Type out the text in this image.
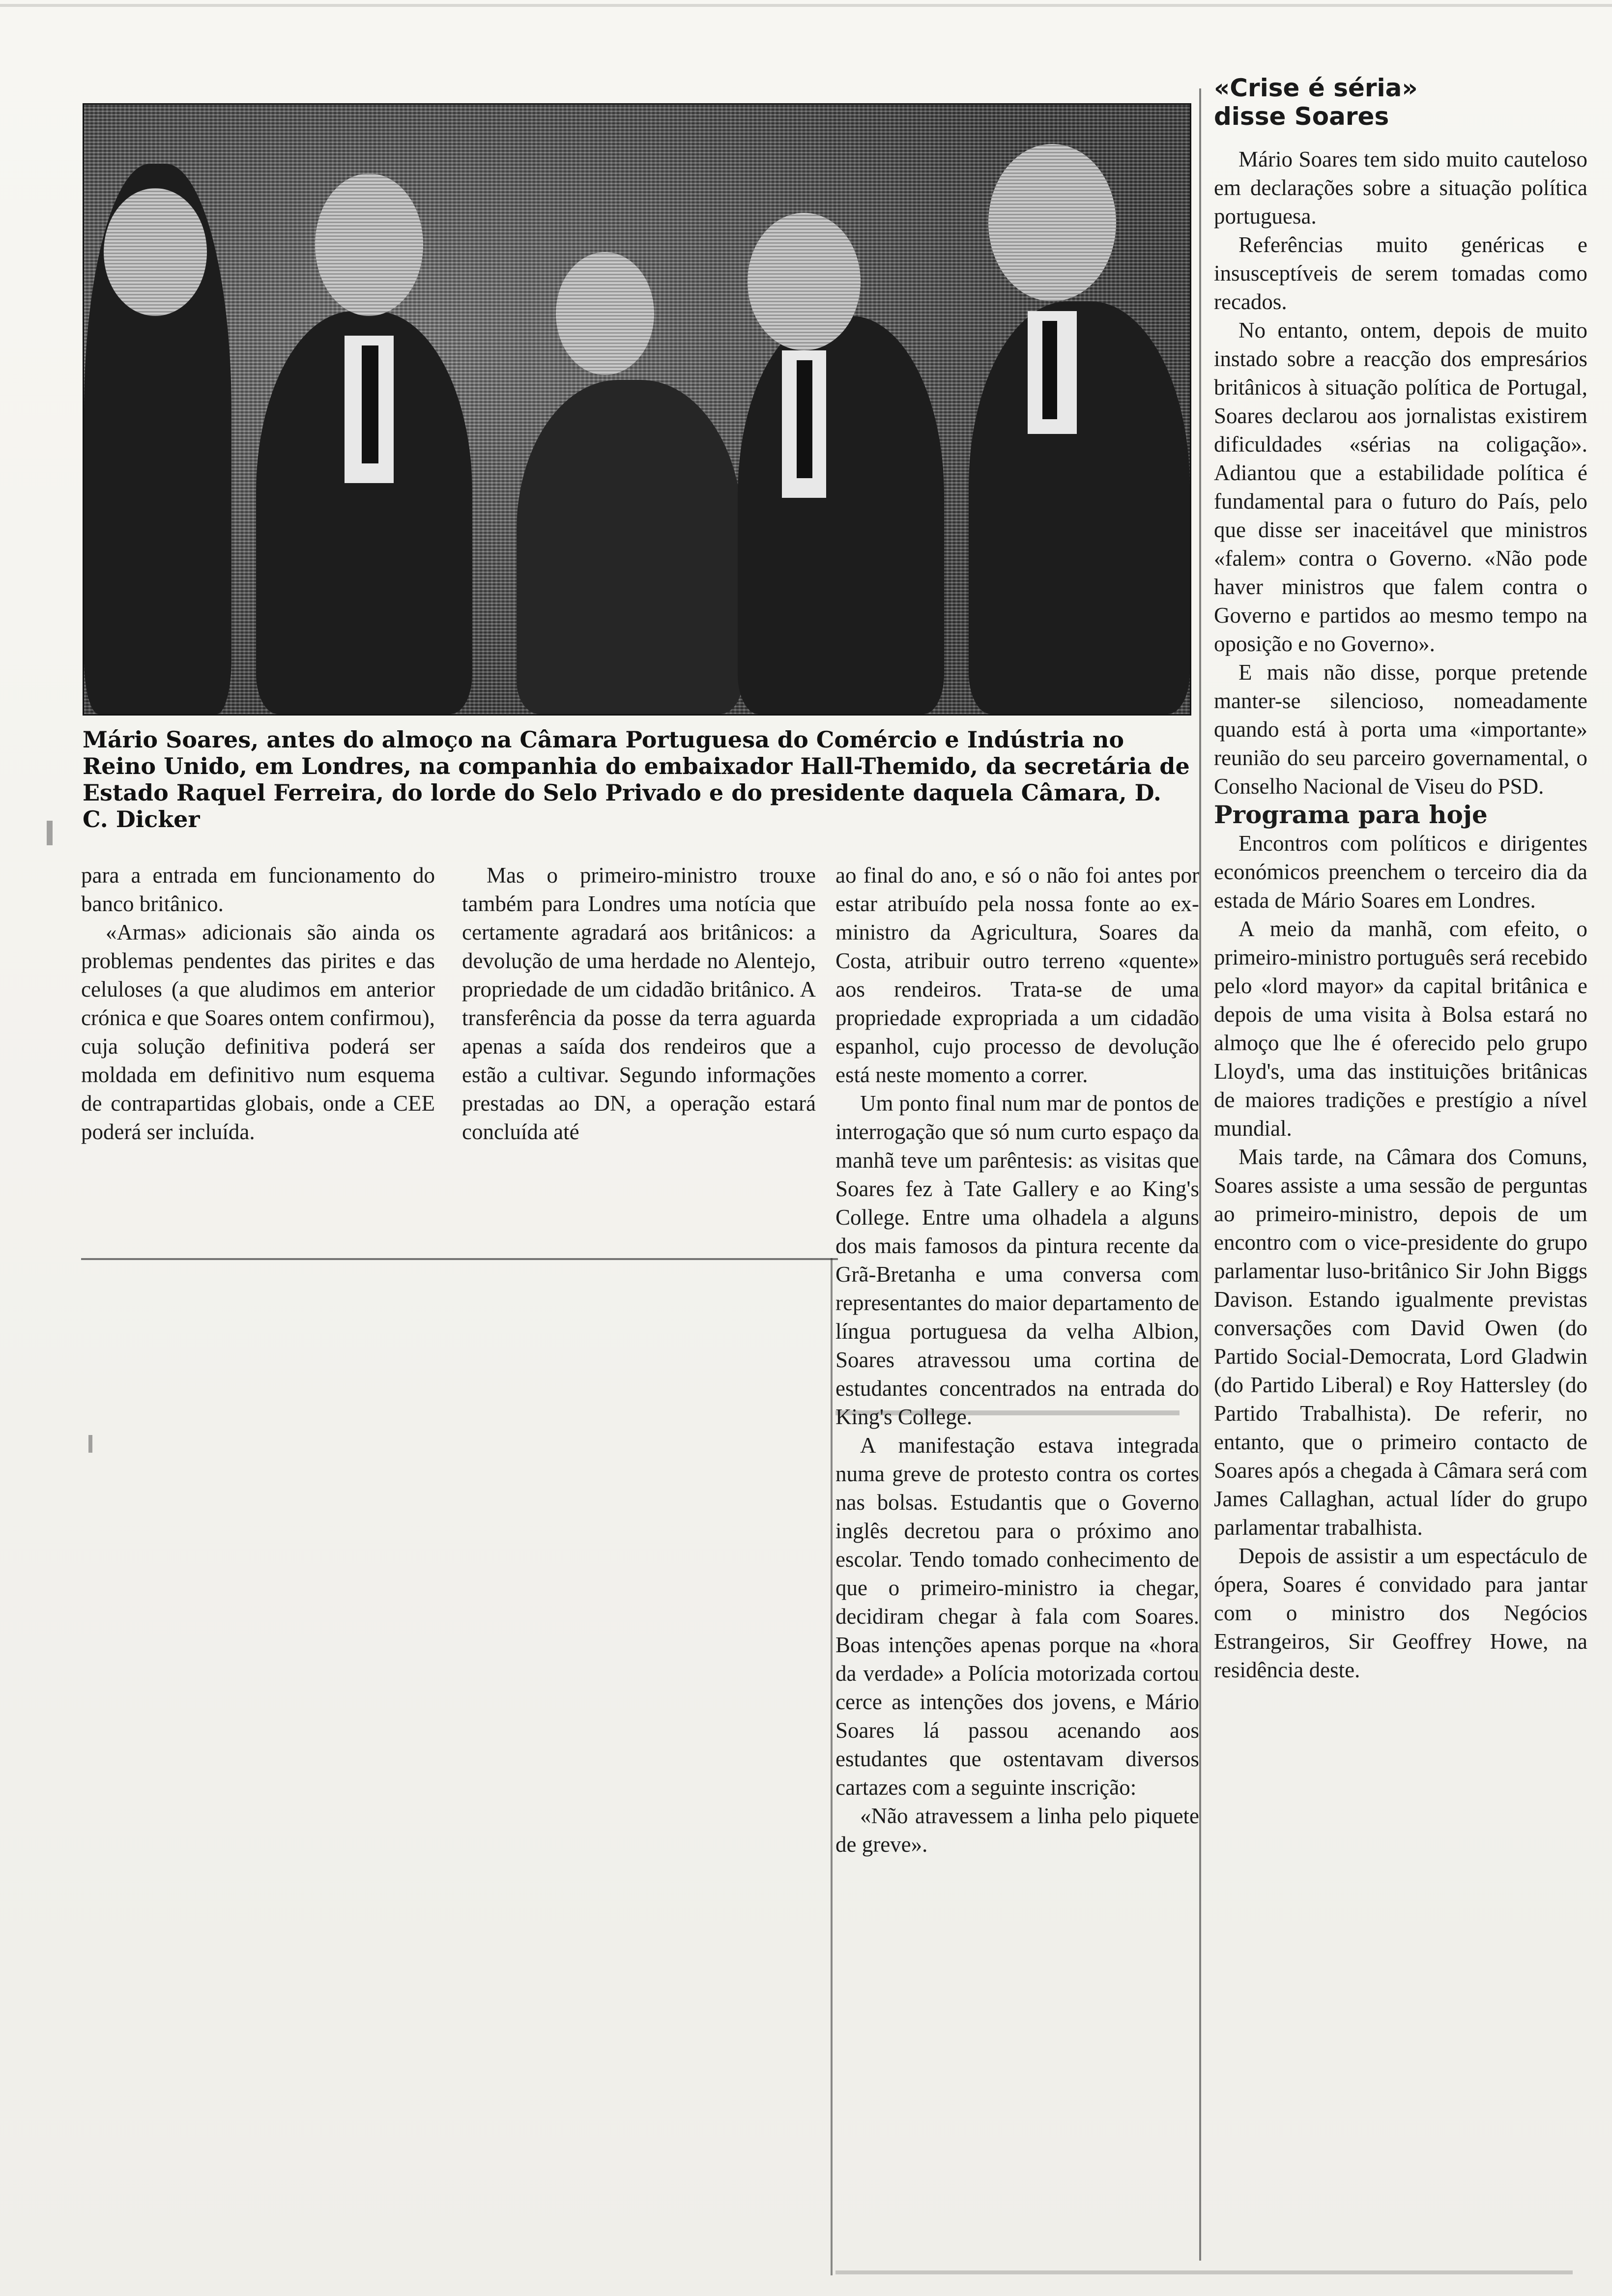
Mário Soares, antes do almoço na Câmara Portuguesa do Comércio e Indústria no Reino Unido, em Londres, na companhia do embaixador Hall-Themido, da secretária de Estado Raquel Ferreira, do lorde do Selo Privado e do presidente daquela Câmara, D. C. Dicker
«Crise é séria»
disse Soares

Mário Soares tem sido muito cauteloso em declarações sobre a situação política portuguesa.

Referências muito genéricas e insusceptíveis de serem tomadas como recados.

No entanto, ontem, depois de muito instado sobre a reacção dos empresários britânicos à situação política de Portugal, Soares declarou aos jornalistas existirem dificuldades «sérias na coligação». Adiantou que a estabilidade política é fundamental para o futuro do País, pelo que disse ser inaceitável que ministros «falem» contra o Governo. «Não pode haver ministros que falem contra o Governo e partidos ao mesmo tempo na oposição e no Governo».

E mais não disse, porque pretende manter-se silencioso, nomeadamente quando está à porta uma «importante» reunião do seu parceiro governamental, o Conselho Nacional de Viseu do PSD.

Programa para hoje

Encontros com políticos e dirigentes económicos preenchem o terceiro dia da estada de Mário Soares em Londres.

A meio da manhã, com efeito, o primeiro-ministro português será recebido pelo «lord mayor» da capital britânica e depois de uma visita à Bolsa estará no almoço que lhe é oferecido pelo grupo Lloyd's, uma das instituições britânicas de maiores tradições e prestígio a nível mundial.

Mais tarde, na Câmara dos Comuns, Soares assiste a uma sessão de perguntas ao primeiro-ministro, depois de um encontro com o vice-presidente do grupo parlamentar luso-britânico Sir John Biggs Davison. Estando igualmente previstas conversações com David Owen (do Partido Social-Democrata, Lord Gladwin (do Partido Liberal) e Roy Hattersley (do Partido Trabalhista). De referir, no entanto, que o primeiro contacto de Soares após a chegada à Câmara será com James Callaghan, actual líder do grupo parlamentar trabalhista.

Depois de assistir a um espectáculo de ópera, Soares é convidado para jantar com o ministro dos Negócios Estrangeiros, Sir Geoffrey Howe, na residência deste.

para a entrada em funcionamento do banco britânico.

«Armas» adicionais são ainda os problemas pendentes das pirites e das celuloses (a que aludimos em anterior crónica e que Soares ontem confirmou), cuja solução definitiva poderá ser moldada em definitivo num esquema de contrapartidas globais, onde a CEE poderá ser incluída.

Mas o primeiro-ministro trouxe também para Londres uma notícia que certamente agradará aos britânicos: a devolução de uma herdade no Alentejo, propriedade de um cidadão britânico. A transferência da posse da terra aguarda apenas a saída dos rendeiros que a estão a cultivar. Segundo informações prestadas ao DN, a operação estará concluída até

ao final do ano, e só o não foi antes por estar atribuído pela nossa fonte ao ex-ministro da Agricultura, Soares da Costa, atribuir outro terreno «quente» aos rendeiros. Trata-se de uma propriedade expropriada a um cidadão espanhol, cujo processo de devolução está neste momento a correr.

Um ponto final num mar de pontos de interrogação que só num curto espaço da manhã teve um parêntesis: as visitas que Soares fez à Tate Gallery e ao King's College. Entre uma olhadela a alguns dos mais famosos da pintura recente da Grã-Bretanha e uma conversa com representantes do maior departamento de língua portuguesa da velha Albion, Soares atravessou uma cortina de estudantes concentrados na entrada do King's College.

A manifestação estava integrada numa greve de protesto contra os cortes nas bolsas. Estudantis que o Governo inglês decretou para o próximo ano escolar. Tendo tomado conhecimento de que o primeiro-ministro ia chegar, decidiram chegar à fala com Soares. Boas intenções apenas porque na «hora da verdade» a Polícia motorizada cortou cerce as intenções dos jovens, e Mário Soares lá passou acenando aos estudantes que ostentavam diversos cartazes com a seguinte inscrição:

«Não atravessem a linha pelo piquete de greve».
